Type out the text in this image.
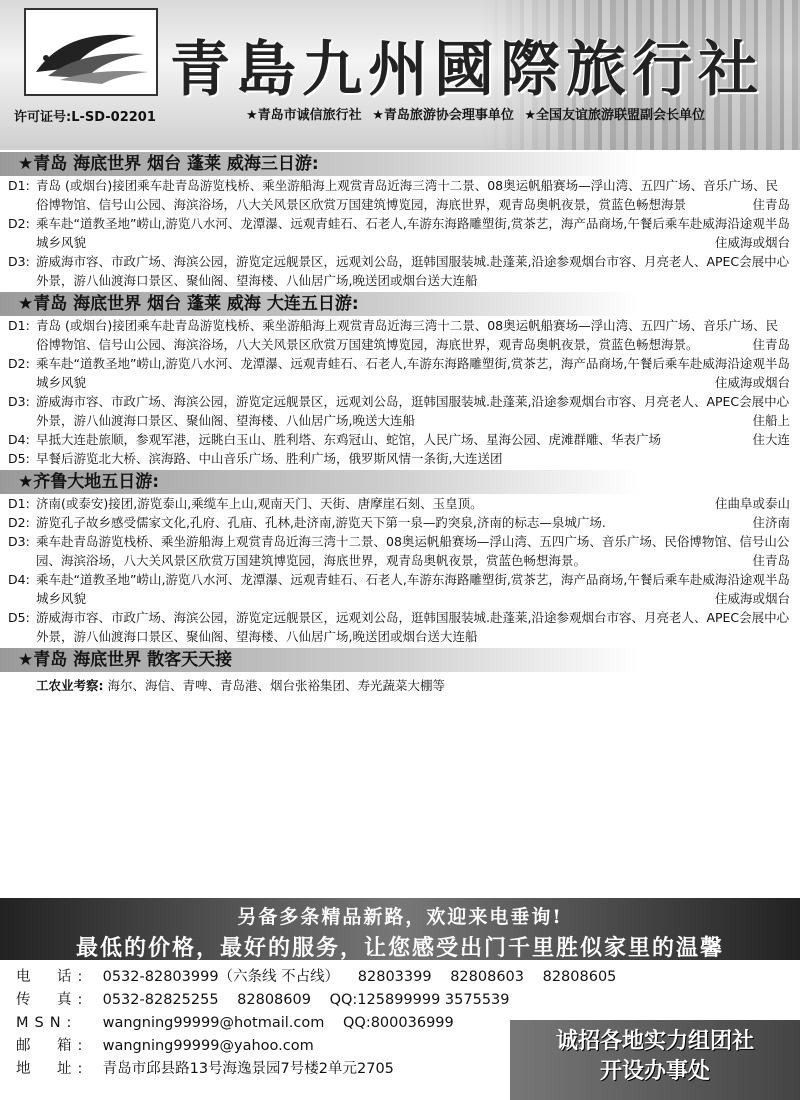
青島九州國際旅行社
许可证号:L-SD-02201	★青岛市诚信旅行社 ★青岛旅游协会理事单位 ★全国友谊旅游联盟副会长单位
★青岛 海底世界 烟台 蓬莱 威海三日游:
D1: 青岛 (或烟台)接团乘车赴青岛游览栈桥、乘坐游船海上观赏青岛近海三湾十二景、08奥运帆船赛场—浮山湾、五四广场、音乐广场、民俗博物馆、信号山公园、海滨浴场，八大关风景区欣赏万国建筑博览园，海底世界，观青岛奥帆夜景，赏蓝色畅想海景	住青岛
D2: 乘车赴“道教圣地”崂山,游览八水河、龙潭瀑、远观青蛙石、石老人,车游东海路雕塑街,赏茶艺，海产品商场,午餐后乘车赴威海沿途观半岛城乡风貌	住威海或烟台
D3: 游威海市容、市政广场、海滨公园，游览定远舰景区，远观刘公岛，逛韩国服装城.赴蓬莱,沿途参观烟台市容、月亮老人、APEC会展中心外景，游八仙渡海口景区、聚仙阁、望海楼、八仙居广场,晚送团或烟台送大连船
★青岛 海底世界 烟台 蓬莱 威海 大连五日游:
D1: 青岛 (或烟台)接团乘车赴青岛游览栈桥、乘坐游船海上观赏青岛近海三湾十二景、08奥运帆船赛场—浮山湾、五四广场、音乐广场、民俗博物馆、信号山公园、海滨浴场，八大关风景区欣赏万国建筑博览园，海底世界，观青岛奥帆夜景，赏蓝色畅想海景。	住青岛
D2: 乘车赴“道教圣地”崂山,游览八水河、龙潭瀑、远观青蛙石、石老人,车游东海路雕塑街,赏茶艺，海产品商场,午餐后乘车赴威海沿途观半岛城乡风貌	住威海或烟台
D3: 游威海市容、市政广场、海滨公园，游览定远舰景区，远观刘公岛，逛韩国服装城.赴蓬莱,沿途参观烟台市容、月亮老人、APEC会展中心外景，游八仙渡海口景区、聚仙阁、望海楼、八仙居广场,晚送大连船	住船上
D4: 早抵大连赴旅顺，参观军港，远眺白玉山、胜利塔、东鸡冠山、蛇馆，人民广场、星海公园、虎滩群雕、华表广场	住大连
D5: 早餐后游览北大桥、滨海路、中山音乐广场、胜利广场，俄罗斯风情一条街,大连送团
★齐鲁大地五日游:
D1: 济南(或泰安)接团,游览泰山,乘缆车上山,观南天门、天街、唐摩崖石刻、玉皇顶。	住曲阜或泰山
D2: 游览孔子故乡感受儒家文化,孔府、孔庙、孔林,赴济南,游览天下第一泉—趵突泉,济南的标志—泉城广场.	住济南
D3: 乘车赴青岛游览栈桥、乘坐游船海上观赏青岛近海三湾十二景、08奥运帆船赛场—浮山湾、五四广场、音乐广场、民俗博物馆、信号山公园、海滨浴场，八大关风景区欣赏万国建筑博览园，海底世界，观青岛奥帆夜景，赏蓝色畅想海景。	住青岛
D4: 乘车赴“道教圣地”崂山,游览八水河、龙潭瀑、远观青蛙石、石老人,车游东海路雕塑街,赏茶艺，海产品商场,午餐后乘车赴威海沿途观半岛城乡风貌	住威海或烟台
D5: 游威海市容、市政广场、海滨公园，游览定远舰景区，远观刘公岛，逛韩国服装城.赴蓬莱,沿途参观烟台市容、月亮老人、APEC会展中心外景，游八仙渡海口景区、聚仙阁、望海楼、八仙居广场,晚送团或烟台送大连船
★青岛 海底世界 散客天天接
工农业考察: 海尔、海信、青啤、青岛港、烟台张裕集团、寿光蔬菜大棚等
另备多条精品新路，欢迎来电垂询!
最低的价格，最好的服务，让您感受出门千里胜似家里的温馨
电　话: 0532-82803999（六条线 不占线） 82803399 82808603 82808605
传　真: 0532-82825255 82808609 QQ:125899999 3575539
MSN: wangning99999@hotmail.com QQ:800036999
邮　箱: wangning99999@yahoo.com
地　址: 青岛市邱县路13号海逸景园7号楼2单元2705
诚招各地实力组团社
开设办事处
